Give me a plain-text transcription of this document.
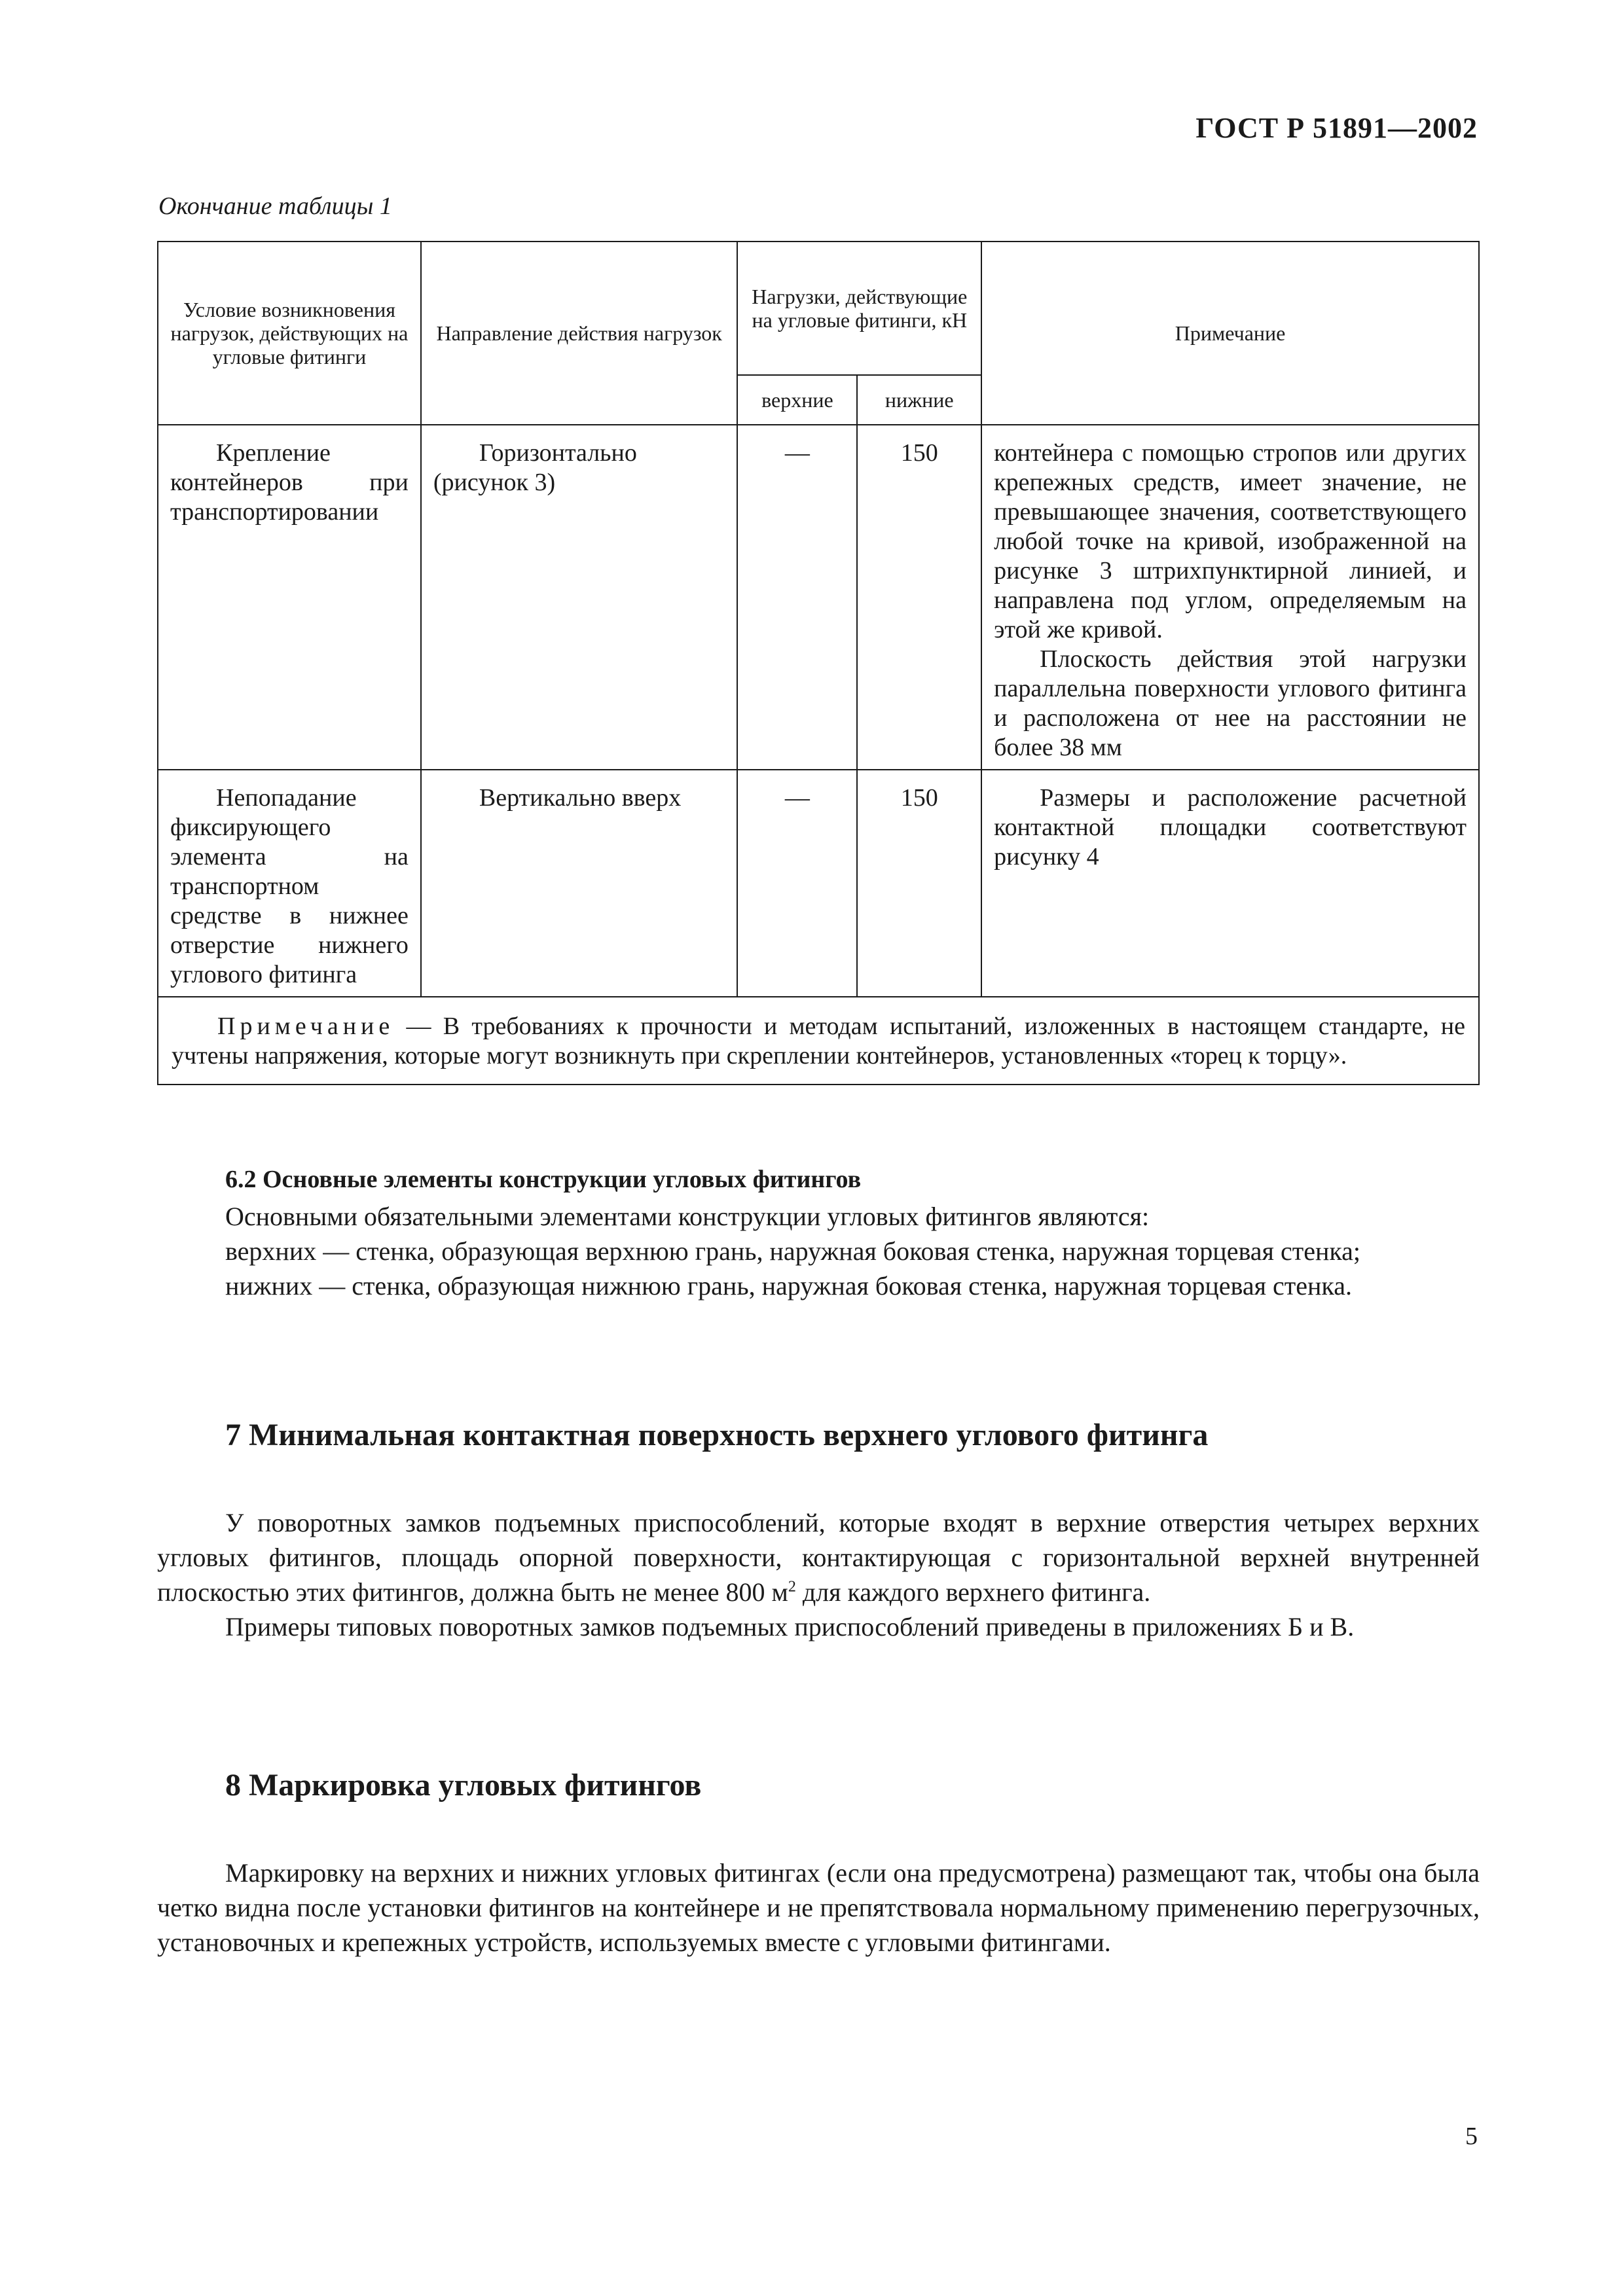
ГОСТ Р 51891—2002
Окончание таблицы 1
Условие возникновения нагрузок, действующих на угловые фитинги	Направление действия нагрузок	Нагрузки, действующие на угловые фитинги, кН		Примечание
		верхние	нижние	
Крепление контейнеров при транспортировании	Горизонтально (рисунок 3)	—	150	контейнера с помощью стропов или других крепежных средств, имеет значение, не превышающее значения, соответствующего любой точке на кривой, изображенной на рисунке 3 штрихпунктирной линией, и направлена под углом, определяемым на этой же кривой.
Плоскость действия этой нагрузки параллельна поверхности углового фитинга и расположена от нее на расстоянии не более 38 мм

Непопадание фиксирующего элемента на транспортном средстве в нижнее отверстие нижнего углового фитинга	Вертикально вверх	—	150	Размеры и расположение расчетной контактной площадки соответствуют рисунку 4
Примечание — В требованиях к прочности и методам испытаний, изложенных в настоящем стандарте, не учтены напряжения, которые могут возникнуть при скреплении контейнеров, установленных «торец к торцу».				
6.2 Основные элементы конструкции угловых фитингов
Основными обязательными элементами конструкции угловых фитингов являются:
верхних — стенка, образующая верхнюю грань, наружная боковая стенка, наружная торцевая стенка;
нижних — стенка, образующая нижнюю грань, наружная боковая стенка, наружная торцевая стенка.
7 Минимальная контактная поверхность верхнего углового фитинга
У поворотных замков подъемных приспособлений, которые входят в верхние отверстия четырех верхних угловых фитингов, площадь опорной поверхности, контактирующая с горизонтальной верхней внутренней плоскостью этих фитингов, должна быть не менее 800 $м^2$ для каждого верхнего фитинга.
Примеры типовых поворотных замков подъемных приспособлений приведены в приложениях Б и В.
8 Маркировка угловых фитингов
Маркировку на верхних и нижних угловых фитингах (если она предусмотрена) размещают так, чтобы она была четко видна после установки фитингов на контейнере и не препятствовала нормальному применению перегрузочных, установочных и крепежных устройств, используемых вместе с угловыми фитингами.
5
